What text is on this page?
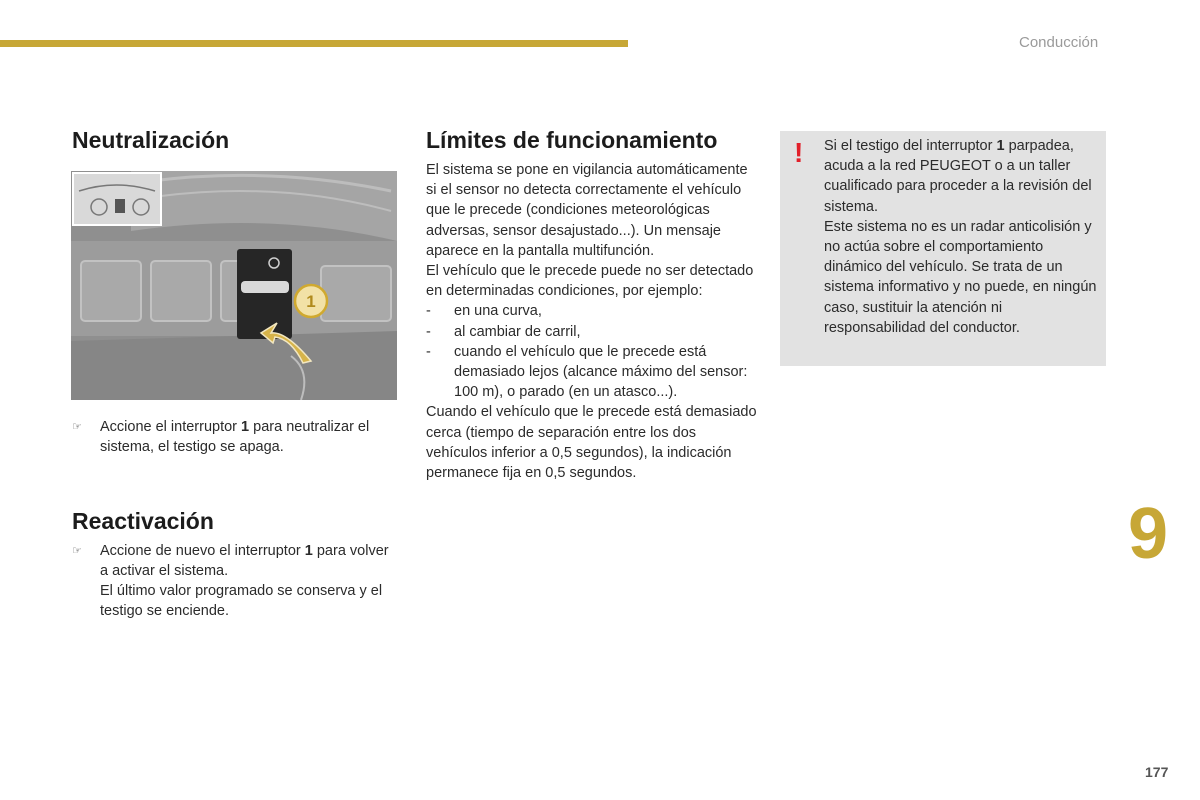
Conducción
Neutralización
1
☞ Accione el interruptor 1 para neutralizar el sistema, el testigo se apaga.
Reactivación
☞ Accione de nuevo el interruptor 1 para volver a activar el sistema.
El último valor programado se conserva y el testigo se enciende.
Límites de funcionamiento

El sistema se pone en vigilancia automáticamente si el sensor no detecta correctamente el vehículo que le precede (condiciones meteorológicas adversas, sensor desajustado...). Un mensaje aparece en la pantalla multifunción.

El vehículo que le precede puede no ser detectado en determinadas condiciones, por ejemplo:

- en una curva,
- al cambiar de carril,
- cuando el vehículo que le precede está demasiado lejos (alcance máximo del sensor: 100 m), o parado (en un atasco...).

Cuando el vehículo que le precede está demasiado cerca (tiempo de separación entre los dos vehículos inferior a 0,5 segundos), la indicación permanece fija en 0,5 segundos.

! Si el testigo del interruptor 1 parpadea, acuda a la red PEUGEOT o a un taller cualificado para proceder a la revisión del sistema.

Este sistema no es un radar anticolisión y no actúa sobre el comportamiento dinámico del vehículo. Se trata de un sistema informativo y no puede, en ningún caso, sustituir la atención ni responsabilidad del conductor.

9
177
